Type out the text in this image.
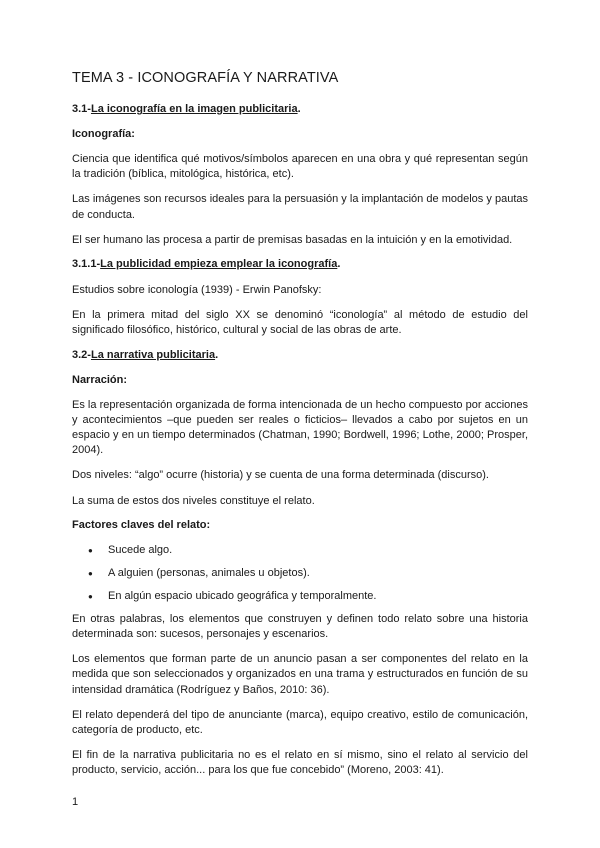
TEMA 3 - ICONOGRAFÍA Y NARRATIVA
3.1-La iconografía en la imagen publicitaria.
Iconografía:

Ciencia que identifica qué motivos/símbolos aparecen en una obra y qué representan según la tradición (bíblica, mitológica, histórica, etc).

Las imágenes son recursos ideales para la persuasión y la implantación de modelos y pautas de conducta.

El ser humano las procesa a partir de premisas basadas en la intuición y en la emotividad.

3.1.1-La publicidad empieza emplear la iconografía.

Estudios sobre iconología (1939) - Erwin Panofsky:

En la primera mitad del siglo XX se denominó “iconología” al método de estudio del significado filosófico, histórico, cultural y social de las obras de arte.

3.2-La narrativa publicitaria.
Narración:

Es la representación organizada de forma intencionada de un hecho compuesto por acciones y acontecimientos –que pueden ser reales o ficticios– llevados a cabo por sujetos en un espacio y en un tiempo determinados (Chatman, 1990; Bordwell, 1996; Lothe, 2000; Prosper, 2004).

Dos niveles: “algo” ocurre (historia) y se cuenta de una forma determinada (discurso).

La suma de estos dos niveles constituye el relato.

Factores claves del relato:
● Sucede algo.
● A alguien (personas, animales u objetos).
● En algún espacio ubicado geográfica y temporalmente.

En otras palabras, los elementos que construyen y definen todo relato sobre una historia determinada son: sucesos, personajes y escenarios.

Los elementos que forman parte de un anuncio pasan a ser componentes del relato en la medida que son seleccionados y organizados en una trama y estructurados en función de su intensidad dramática (Rodríguez y Baños, 2010: 36).

El relato dependerá del tipo de anunciante (marca), equipo creativo, estilo de comunicación, categoría de producto, etc.

El fin de la narrativa publicitaria no es el relato en sí mismo, sino el relato al servicio del producto, servicio, acción... para los que fue concebido” (Moreno, 2003: 41).

1
